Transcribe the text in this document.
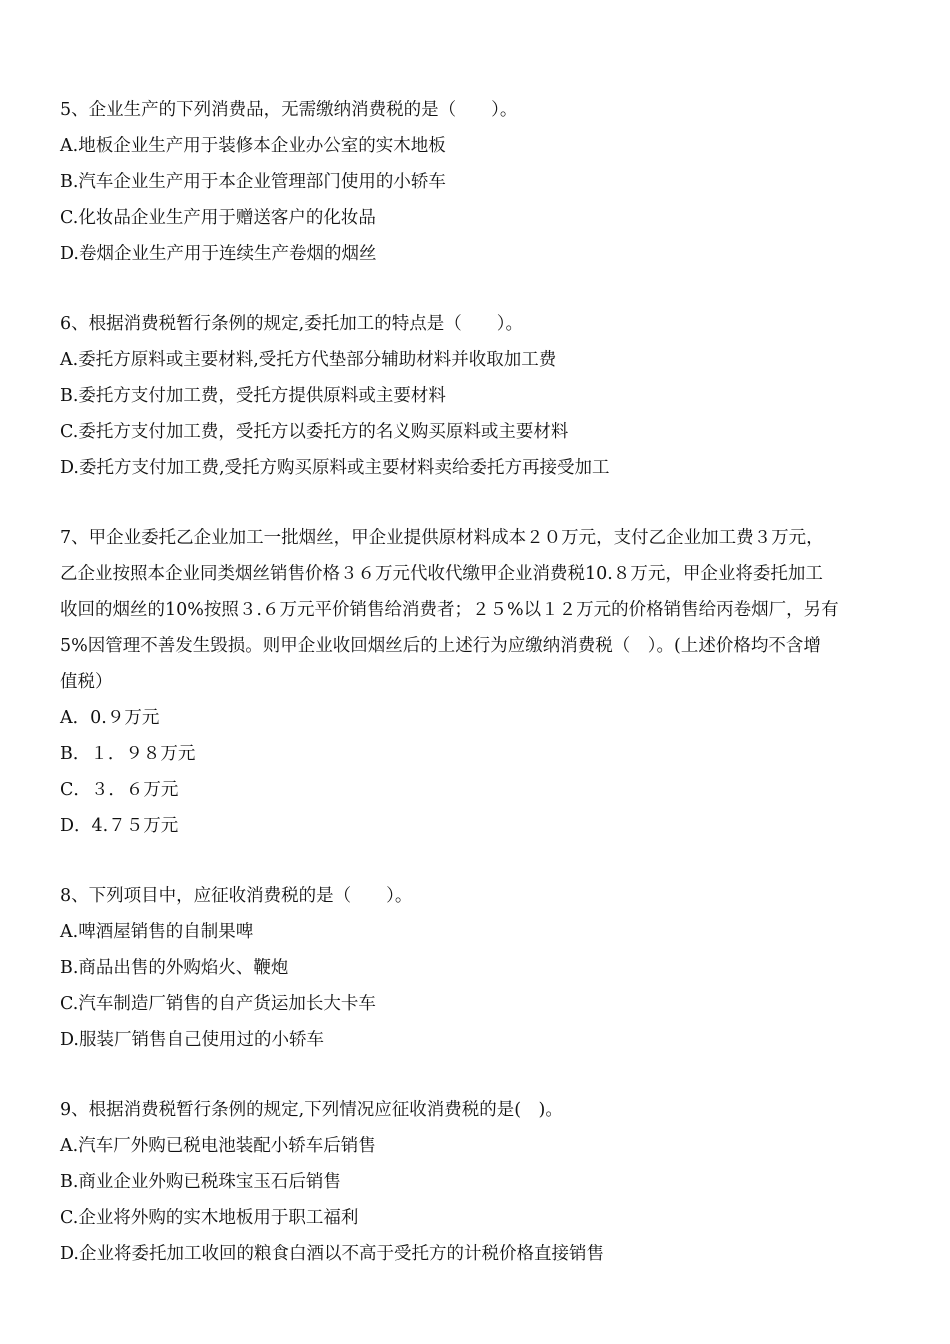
5、企业生产的下列消费品，无需缴纳消费税的是（　　）。
A.地板企业生产用于装修本企业办公室的实木地板
B.汽车企业生产用于本企业管理部门使用的小轿车
C.化妆品企业生产用于赠送客户的化妆品
D.卷烟企业生产用于连续生产卷烟的烟丝
6、根据消费税暂行条例的规定,委托加工的特点是（　　）。
A.委托方原料或主要材料,受托方代垫部分辅助材料并收取加工费
B.委托方支付加工费，受托方提供原料或主要材料
C.委托方支付加工费，受托方以委托方的名义购买原料或主要材料
D.委托方支付加工费,受托方购买原料或主要材料卖给委托方再接受加工
7、甲企业委托乙企业加工一批烟丝，甲企业提供原材料成本２０万元，支付乙企业加工费３万元，
乙企业按照本企业同类烟丝销售价格３６万元代收代缴甲企业消费税10.８万元，甲企业将委托加工
收回的烟丝的10%按照３.６万元平价销售给消费者；２５%以１２万元的价格销售给丙卷烟厂，另有
5%因管理不善发生毁损。则甲企业收回烟丝后的上述行为应缴纳消费税（　）。(上述价格均不含增
值税）
A．0.９万元
B．１．９８万元
C．３．６万元
D．4.７５万元
8、下列项目中，应征收消费税的是（　　）。
A.啤酒屋销售的自制果啤
B.商品出售的外购焰火、鞭炮
C.汽车制造厂销售的自产货运加长大卡车
D.服装厂销售自己使用过的小轿车
9、根据消费税暂行条例的规定,下列情况应征收消费税的是(　)。
A.汽车厂外购已税电池装配小轿车后销售
B.商业企业外购已税珠宝玉石后销售
C.企业将外购的实木地板用于职工福利
D.企业将委托加工收回的粮食白酒以不高于受托方的计税价格直接销售
